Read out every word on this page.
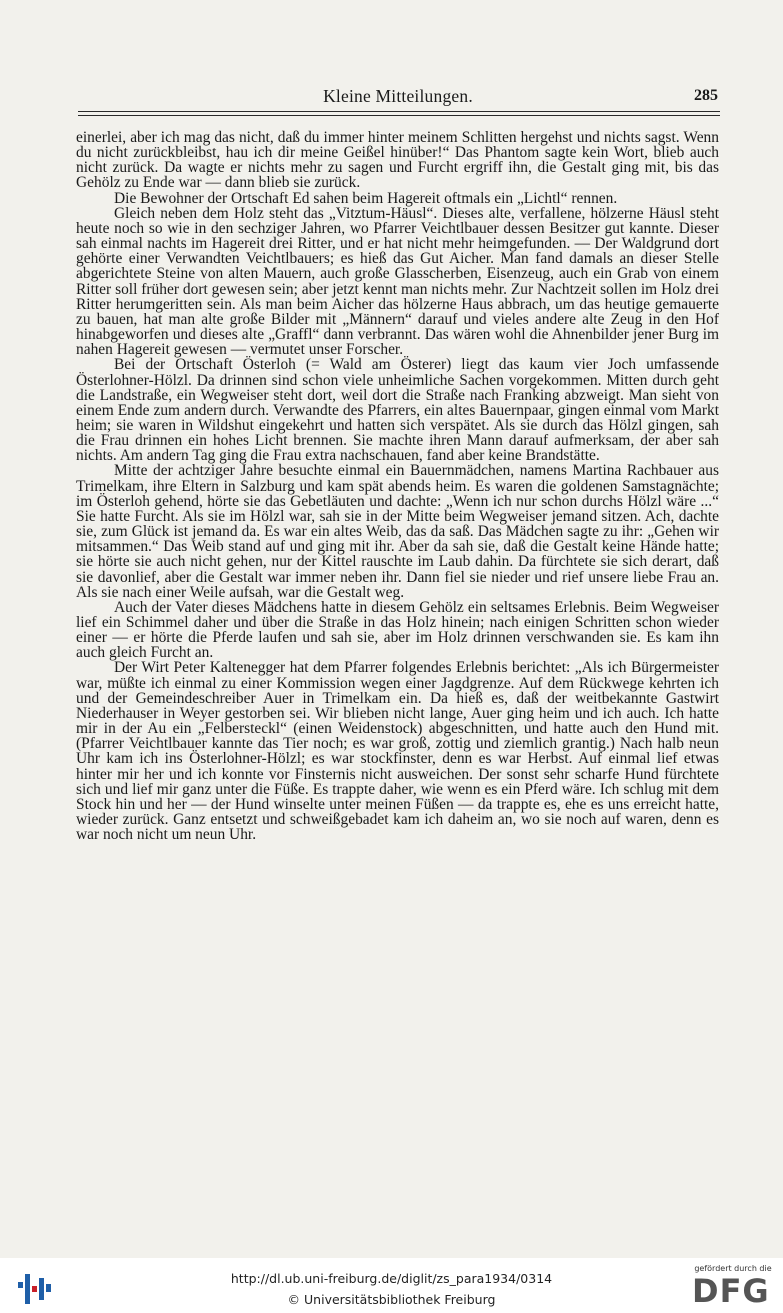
Kleine Mitteilungen.	285

einerlei, aber ich mag das nicht, daß du immer hinter meinem Schlitten hergehst und nichts sagst. Wenn du nicht zurückbleibst, hau ich dir meine Geißel hinüber!“ Das Phantom sagte kein Wort, blieb auch nicht zurück. Da wagte er nichts mehr zu sagen und Furcht ergriff ihn, die Gestalt ging mit, bis das Gehölz zu Ende war — dann blieb sie zurück.

Die Bewohner der Ortschaft Ed sahen beim Hagereit oftmals ein „Lichtl“ rennen.

Gleich neben dem Holz steht das „Vitztum-Häusl“. Dieses alte, verfallene, hölzerne Häusl steht heute noch so wie in den sechziger Jahren, wo Pfarrer Veichtlbauer dessen Besitzer gut kannte. Dieser sah einmal nachts im Hagereit drei Ritter, und er hat nicht mehr heimgefunden. — Der Waldgrund dort gehörte einer Verwandten Veichtlbauers; es hieß das Gut Aicher. Man fand damals an dieser Stelle abgerichtete Steine von alten Mauern, auch große Glasscherben, Eisenzeug, auch ein Grab von einem Ritter soll früher dort gewesen sein; aber jetzt kennt man nichts mehr. Zur Nachtzeit sollen im Holz drei Ritter herumgeritten sein. Als man beim Aicher das hölzerne Haus abbrach, um das heutige gemauerte zu bauen, hat man alte große Bilder mit „Männern“ darauf und vieles andere alte Zeug in den Hof hinabgeworfen und dieses alte „Graffl“ dann verbrannt. Das wären wohl die Ahnenbilder jener Burg im nahen Hagereit gewesen — vermutet unser Forscher.

Bei der Ortschaft Österloh (= Wald am Österer) liegt das kaum vier Joch umfassende Österlohner-Hölzl. Da drinnen sind schon viele unheimliche Sachen vorgekommen. Mitten durch geht die Landstraße, ein Wegweiser steht dort, weil dort die Straße nach Franking abzweigt. Man sieht von einem Ende zum andern durch. Verwandte des Pfarrers, ein altes Bauernpaar, gingen einmal vom Markt heim; sie waren in Wildshut eingekehrt und hatten sich verspätet. Als sie durch das Hölzl gingen, sah die Frau drinnen ein hohes Licht brennen. Sie machte ihren Mann darauf aufmerksam, der aber sah nichts. Am andern Tag ging die Frau extra nachschauen, fand aber keine Brandstätte.

Mitte der achtziger Jahre besuchte einmal ein Bauernmädchen, namens Martina Rachbauer aus Trimelkam, ihre Eltern in Salzburg und kam spät abends heim. Es waren die goldenen Samstagnächte; im Österloh gehend, hörte sie das Gebetläuten und dachte: „Wenn ich nur schon durchs Hölzl wäre ...“ Sie hatte Furcht. Als sie im Hölzl war, sah sie in der Mitte beim Wegweiser jemand sitzen. Ach, dachte sie, zum Glück ist jemand da. Es war ein altes Weib, das da saß. Das Mädchen sagte zu ihr: „Gehen wir mitsammen.“ Das Weib stand auf und ging mit ihr. Aber da sah sie, daß die Gestalt keine Hände hatte; sie hörte sie auch nicht gehen, nur der Kittel rauschte im Laub dahin. Da fürchtete sie sich derart, daß sie davonlief, aber die Gestalt war immer neben ihr. Dann fiel sie nieder und rief unsere liebe Frau an. Als sie nach einer Weile aufsah, war die Gestalt weg.

Auch der Vater dieses Mädchens hatte in diesem Gehölz ein seltsames Erlebnis. Beim Wegweiser lief ein Schimmel daher und über die Straße in das Holz hinein; nach einigen Schritten schon wieder einer — er hörte die Pferde laufen und sah sie, aber im Holz drinnen verschwanden sie. Es kam ihn auch gleich Furcht an.

Der Wirt Peter Kaltenegger hat dem Pfarrer folgendes Erlebnis berichtet: „Als ich Bürgermeister war, müßte ich einmal zu einer Kommission wegen einer Jagdgrenze. Auf dem Rückwege kehrten ich und der Gemeindeschreiber Auer in Trimelkam ein. Da hieß es, daß der weitbekannte Gastwirt Niederhauser in Weyer gestorben sei. Wir blieben nicht lange, Auer ging heim und ich auch. Ich hatte mir in der Au ein „Felbersteckl“ (einen Weidenstock) abgeschnitten, und hatte auch den Hund mit. (Pfarrer Veichtlbauer kannte das Tier noch; es war groß, zottig und ziemlich grantig.) Nach halb neun Uhr kam ich ins Österlohner-Hölzl; es war stockfinster, denn es war Herbst. Auf einmal lief etwas hinter mir her und ich konnte vor Finsternis nicht ausweichen. Der sonst sehr scharfe Hund fürchtete sich und lief mir ganz unter die Füße. Es trappte daher, wie wenn es ein Pferd wäre. Ich schlug mit dem Stock hin und her — der Hund winselte unter meinen Füßen — da trappte es, ehe es uns erreicht hatte, wieder zurück. Ganz entsetzt und schweißgebadet kam ich daheim an, wo sie noch auf waren, denn es war noch nicht um neun Uhr.

http://dl.ub.uni-freiburg.de/diglit/zs_para1934/0314
© Universitätsbibliothek Freiburg
gefördert durch die
DFG
